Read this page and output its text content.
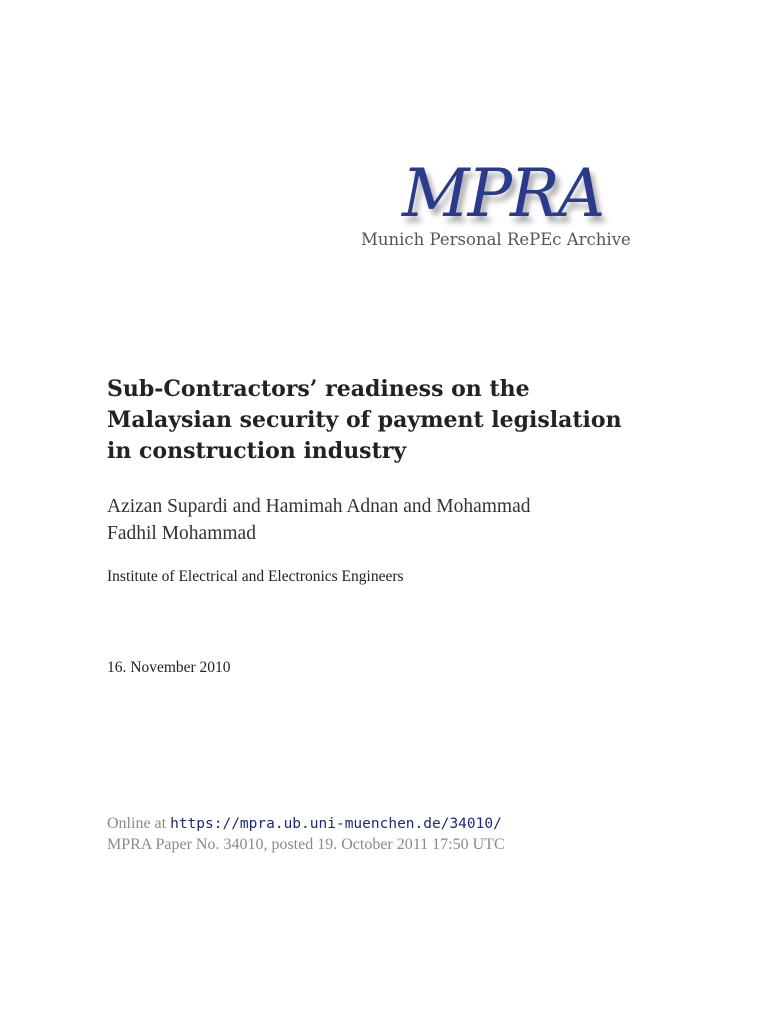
MPRA
Munich Personal RePEc Archive
Sub-Contractors’ readiness on the
Malaysian security of payment legislation
in construction industry
Azizan Supardi and Hamimah Adnan and Mohammad
Fadhil Mohammad
Institute of Electrical and Electronics Engineers
16. November 2010
Online at https://mpra.ub.uni-muenchen.de/34010/
MPRA Paper No. 34010, posted 19. October 2011 17:50 UTC
